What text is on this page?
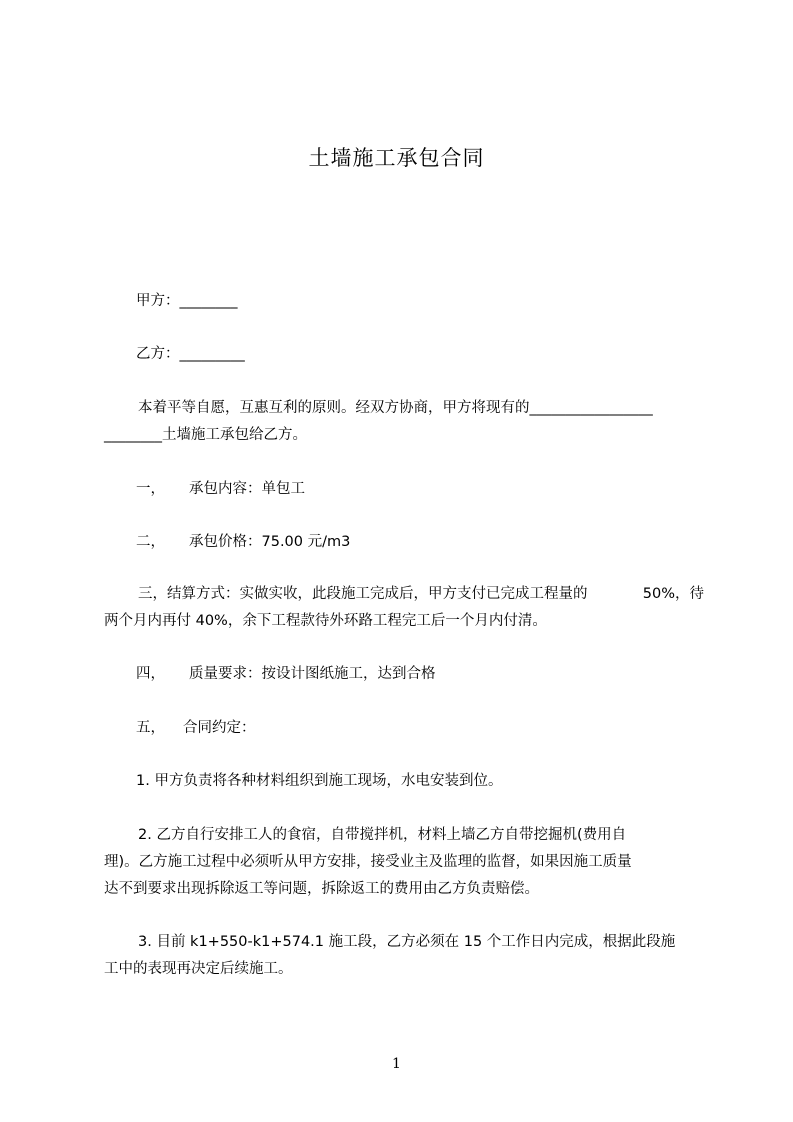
土墙施工承包合同
甲方：________
乙方：_________
本着平等自愿，互惠互利的原则。经双方协商，甲方将现有的_________________
________土墙施工承包给乙方。
一， 承包内容：单包工
二， 承包价格：75.00 元/m3
三，结算方式：实做实收，此段施工完成后，甲方支付已完成工程量的	50%，待
两个月内再付 40%，余下工程款待外环路工程完工后一个月内付清。
四， 质量要求：按设计图纸施工，达到合格
五， 合同约定：
1. 甲方负责将各种材料组织到施工现场，水电安装到位。
2. 乙方自行安排工人的食宿，自带搅拌机，材料上墙乙方自带挖掘机(费用自
理)。乙方施工过程中必须听从甲方安排，接受业主及监理的监督，如果因施工质量
达不到要求出现拆除返工等问题，拆除返工的费用由乙方负责赔偿。
3. 目前 k1+550-k1+574.1 施工段，乙方必须在 15 个工作日内完成，根据此段施
工中的表现再决定后续施工。
1
